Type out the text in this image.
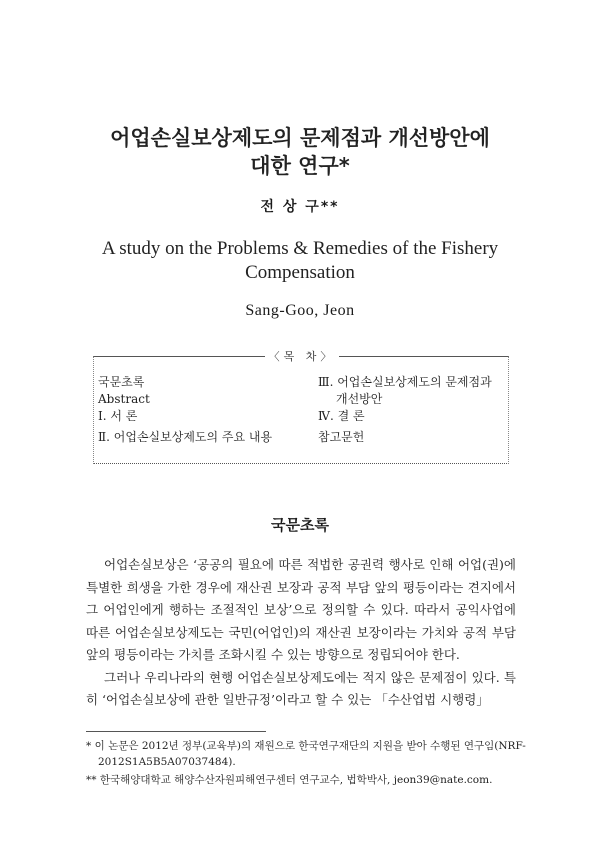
어업손실보상제도의 문제점과 개선방안에
대한 연구*
전 상 구**
A study on the Problems & Remedies of the Fishery
Compensation
Sang-Goo, Jeon
〈목 차〉
국문초록
Abstract
Ⅰ. 서 론
Ⅱ. 어업손실보상제도의 주요 내용
Ⅲ. 어업손실보상제도의 문제점과
개선방안
Ⅳ. 결 론
참고문헌
국문초록

어업손실보상은 ‘공공의 필요에 따른 적법한 공권력 행사로 인해 어업(권)에 특별한 희생을 가한 경우에 재산권 보장과 공적 부담 앞의 평등이라는 견지에서 그 어업인에게 행하는 조절적인 보상’으로 정의할 수 있다. 따라서 공익사업에 따른 어업손실보상제도는 국민(어업인)의 재산권 보장이라는 가치와 공적 부담 앞의 평등이라는 가치를 조화시킬 수 있는 방향으로 정립되어야 한다.

그러나 우리나라의 현행 어업손실보상제도에는 적지 않은 문제점이 있다. 특히 ‘어업손실보상에 관한 일반규정’이라고 할 수 있는 「수산업법 시행령」

* 이 논문은 2012년 정부(교육부)의 재원으로 한국연구재단의 지원을 받아 수행된 연구임(NRF-2012S1A5B5A07037484).
** 한국해양대학교 해양수산자원피해연구센터 연구교수, 법학박사, jeon39@nate.com.
